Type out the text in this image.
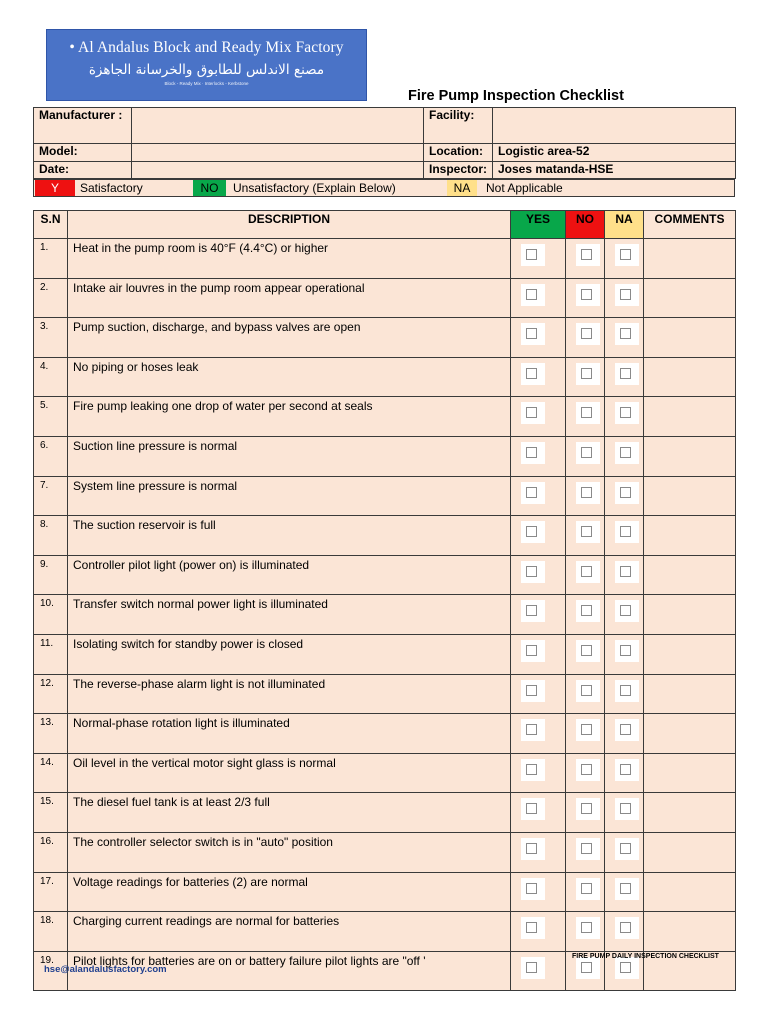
• Al Andalus Block and Ready Mix Factory
مصنع الاندلس للطابوق والخرسانة الجاهزة
Block - Ready Mix · Interlocks - Kerbstone
Fire Pump Inspection Checklist
Manufacturer :		Facility:	
Model:		Location:	Logistic area-52
Date:		Inspector:	Joses matanda-HSE
Y	Satisfactory	NO	Unsatisfactory (Explain Below)	NA	Not Applicable
S.N	DESCRIPTION	YES	NO	NA	COMMENTS
1.	Heat in the pump room is 40°F (4.4°C) or higher	

2.	Intake air louvres in the pump room appear operational	

3.	Pump suction, discharge, and bypass valves are open	

4.	No piping or hoses leak	

5.	Fire pump leaking one drop of water per second at seals	

6.	Suction line pressure is normal	

7.	System line pressure is normal	

8.	The suction reservoir is full	

9.	Controller pilot light (power on) is illuminated	

10.	Transfer switch normal power light is illuminated	

11.	Isolating switch for standby power is closed	

12.	The reverse-phase alarm light is not illuminated	

13.	Normal-phase rotation light is illuminated	

14.	Oil level in the vertical motor sight glass is normal	

15.	The diesel fuel tank is at least 2/3 full	

16.	The controller selector switch is in "auto" position	

17.	Voltage readings for batteries (2) are normal	

18.	Charging current readings are normal for batteries	

19.	Pilot lights for batteries are on or battery failure pilot lights are "off '	

hse@alandalusfactory.com
FIRE PUMP DAILY INSPECTION CHECKLIST
